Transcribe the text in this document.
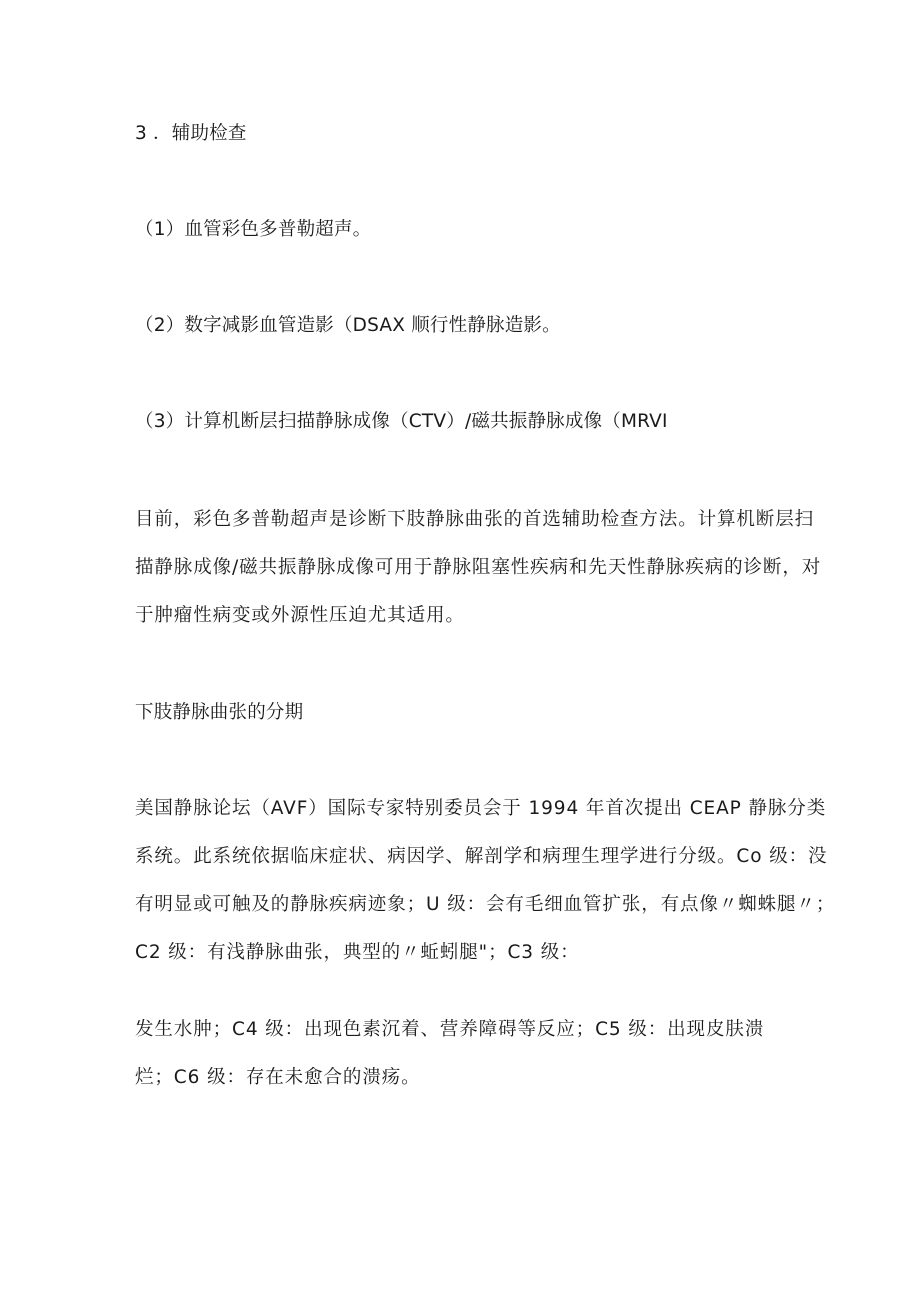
3 ．辅助检查
（1）血管彩色多普勒超声。
（2）数字减影血管造影（DSAX 顺行性静脉造影。
（3）计算机断层扫描静脉成像（CTV）/磁共振静脉成像（MRVI
目前，彩色多普勒超声是诊断下肢静脉曲张的首选辅助检查方法。计算机断层扫
描静脉成像/磁共振静脉成像可用于静脉阻塞性疾病和先天性静脉疾病的诊断，对
于肿瘤性病变或外源性压迫尤其适用。
下肢静脉曲张的分期
美国静脉论坛（AVF）国际专家特别委员会于 1994 年首次提出 CEAP 静脉分类
系统。此系统依据临床症状、病因学、解剖学和病理生理学进行分级。Co 级：没
有明显或可触及的静脉疾病迹象；U 级：会有毛细血管扩张，有点像〃蜘蛛腿〃；
C2 级：有浅静脉曲张，典型的〃蚯蚓腿"；C3 级：
发生水肿；C4 级：出现色素沉着、营养障碍等反应；C5 级：出现皮肤溃
烂；C6 级：存在未愈合的溃疡。
